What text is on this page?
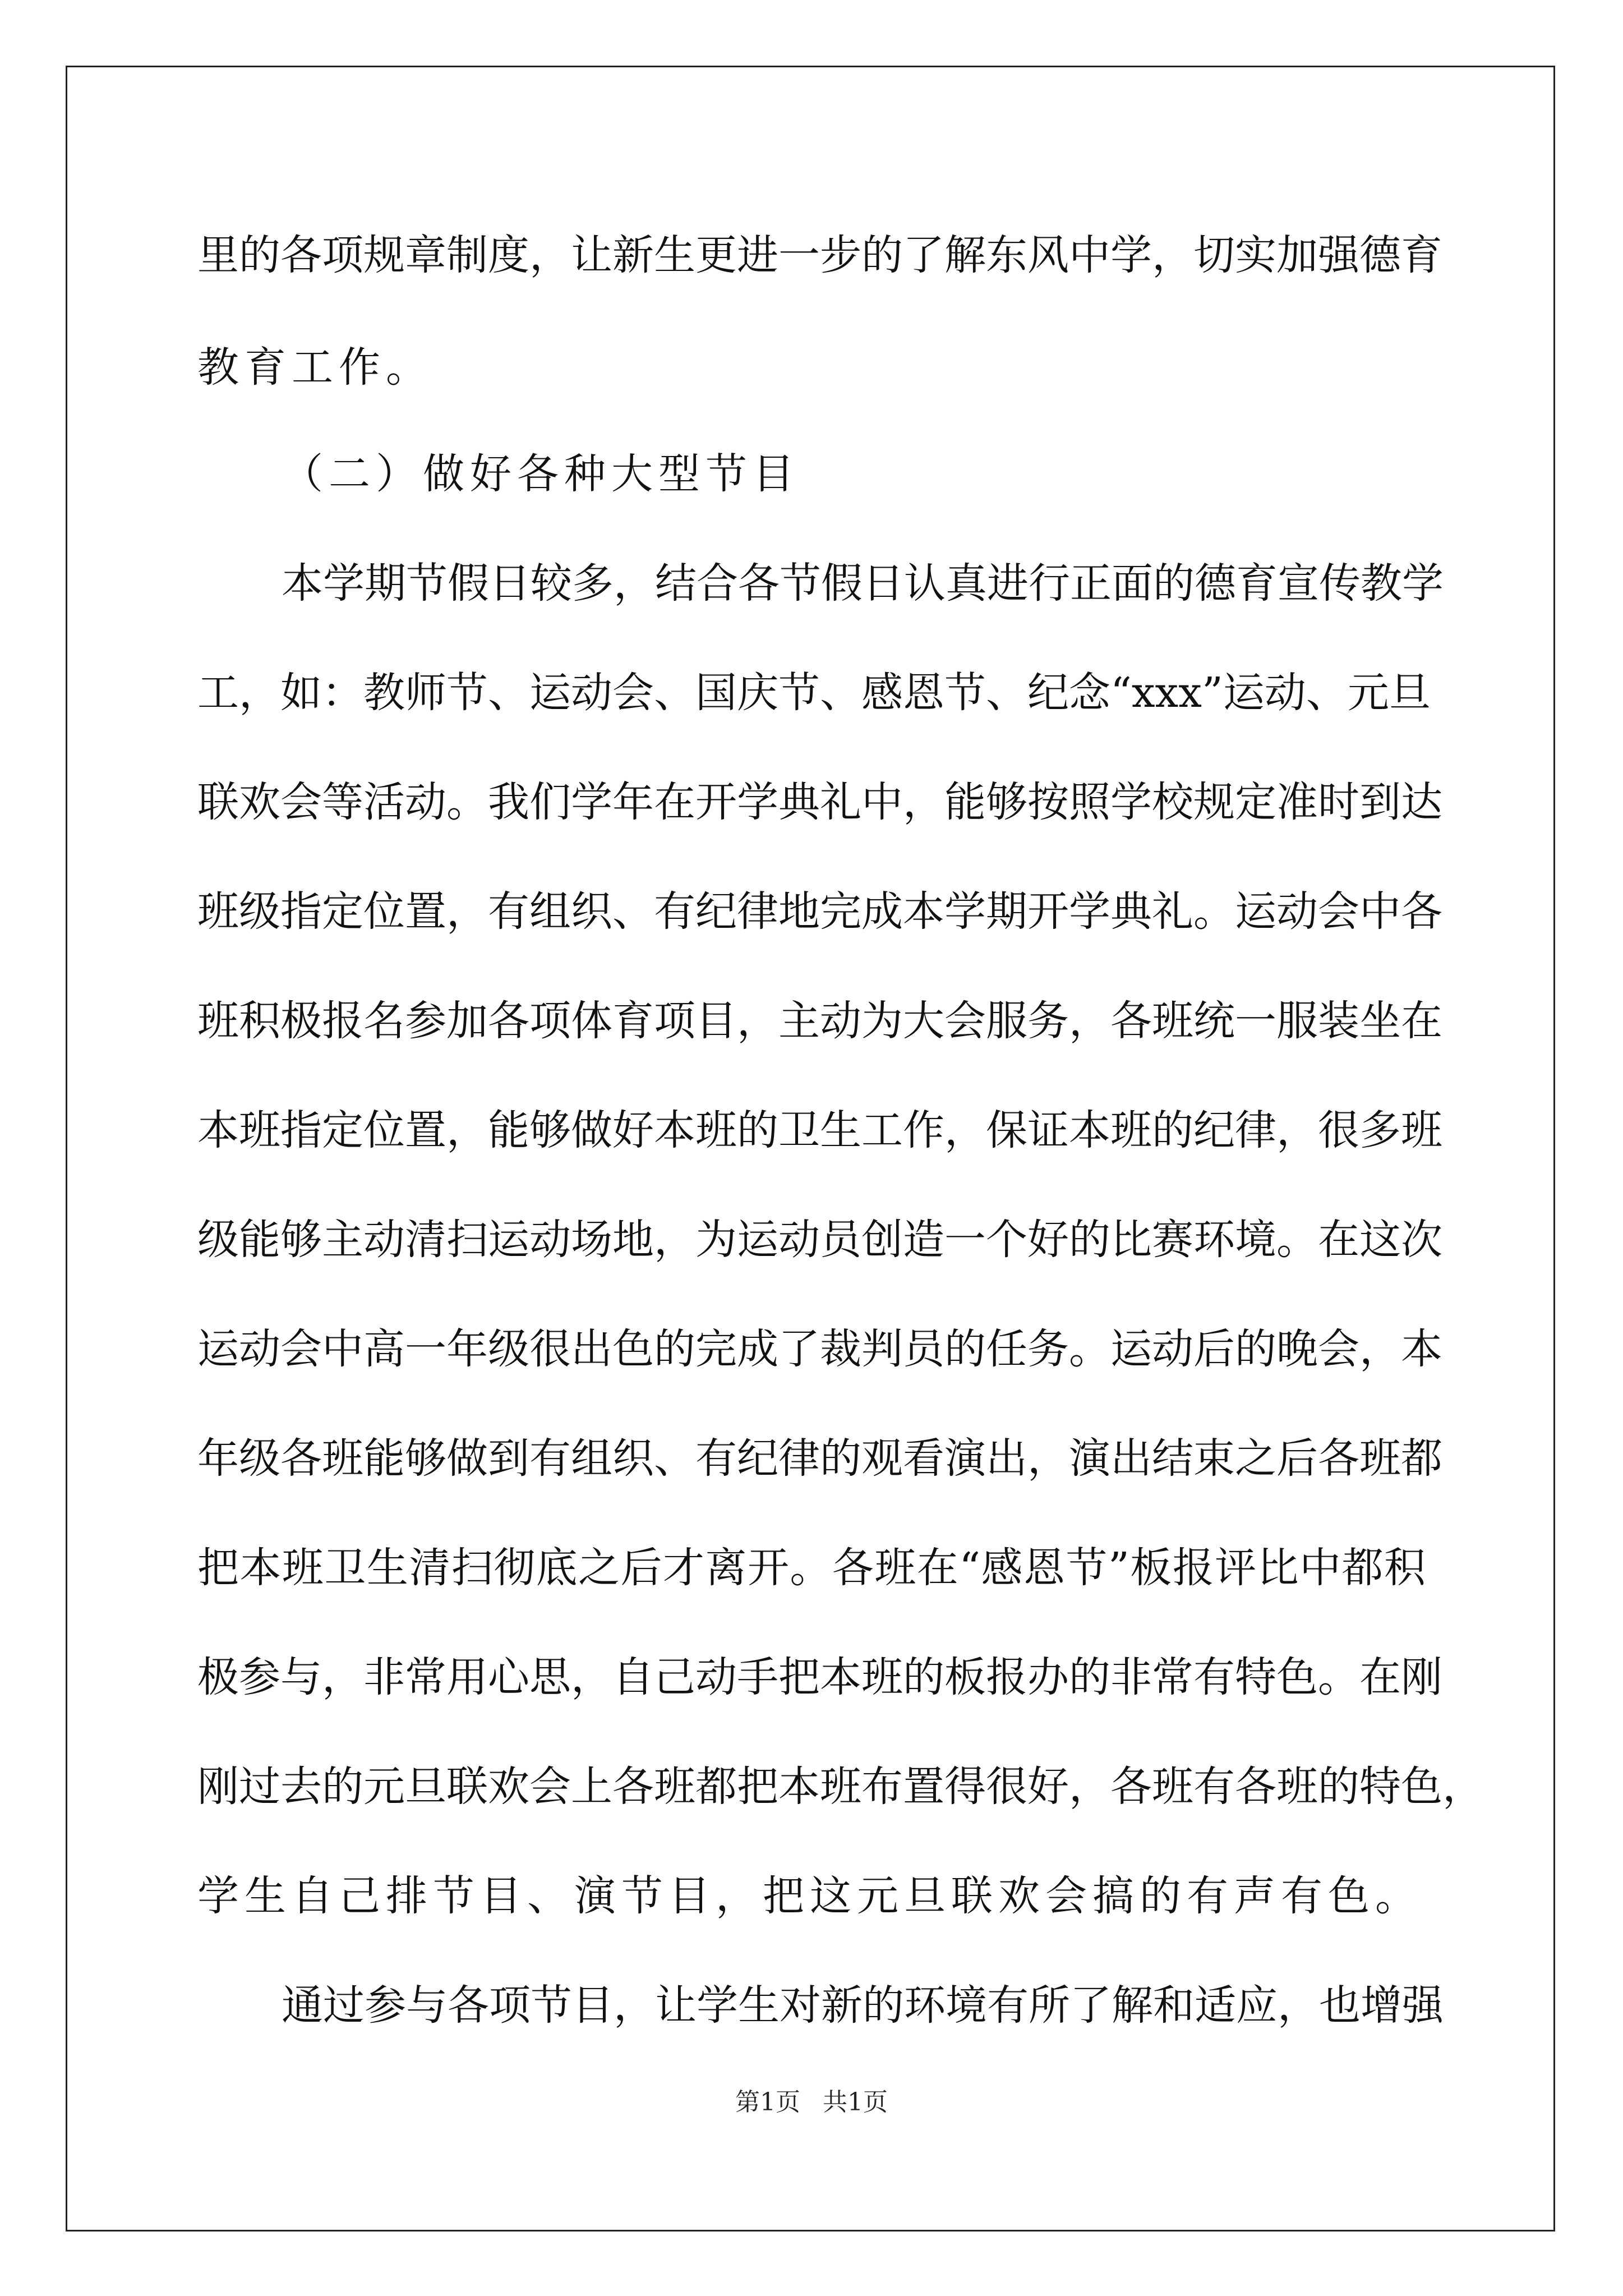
里的各项规章制度，让新生更进一步的了解东风中学，切实加强德育
教育工作。
（二）做好各种大型节目
本学期节假日较多，结合各节假日认真进行正面的德育宣传教学
工，如：教师节、运动会、国庆节、感恩节、纪念“xxx”运动、元旦
联欢会等活动。我们学年在开学典礼中，能够按照学校规定准时到达
班级指定位置，有组织、有纪律地完成本学期开学典礼。运动会中各
班积极报名参加各项体育项目，主动为大会服务，各班统一服装坐在
本班指定位置，能够做好本班的卫生工作，保证本班的纪律，很多班
级能够主动清扫运动场地，为运动员创造一个好的比赛环境。在这次
运动会中高一年级很出色的完成了裁判员的任务。运动后的晚会，本
年级各班能够做到有组织、有纪律的观看演出，演出结束之后各班都
把本班卫生清扫彻底之后才离开。各班在“感恩节”板报评比中都积
极参与，非常用心思，自己动手把本班的板报办的非常有特色。在刚
刚过去的元旦联欢会上各班都把本班布置得很好，各班有各班的特色，
学生自己排节目、演节目，把这元旦联欢会搞的有声有色。
通过参与各项节目，让学生对新的环境有所了解和适应，也增强
第1页 共1页
